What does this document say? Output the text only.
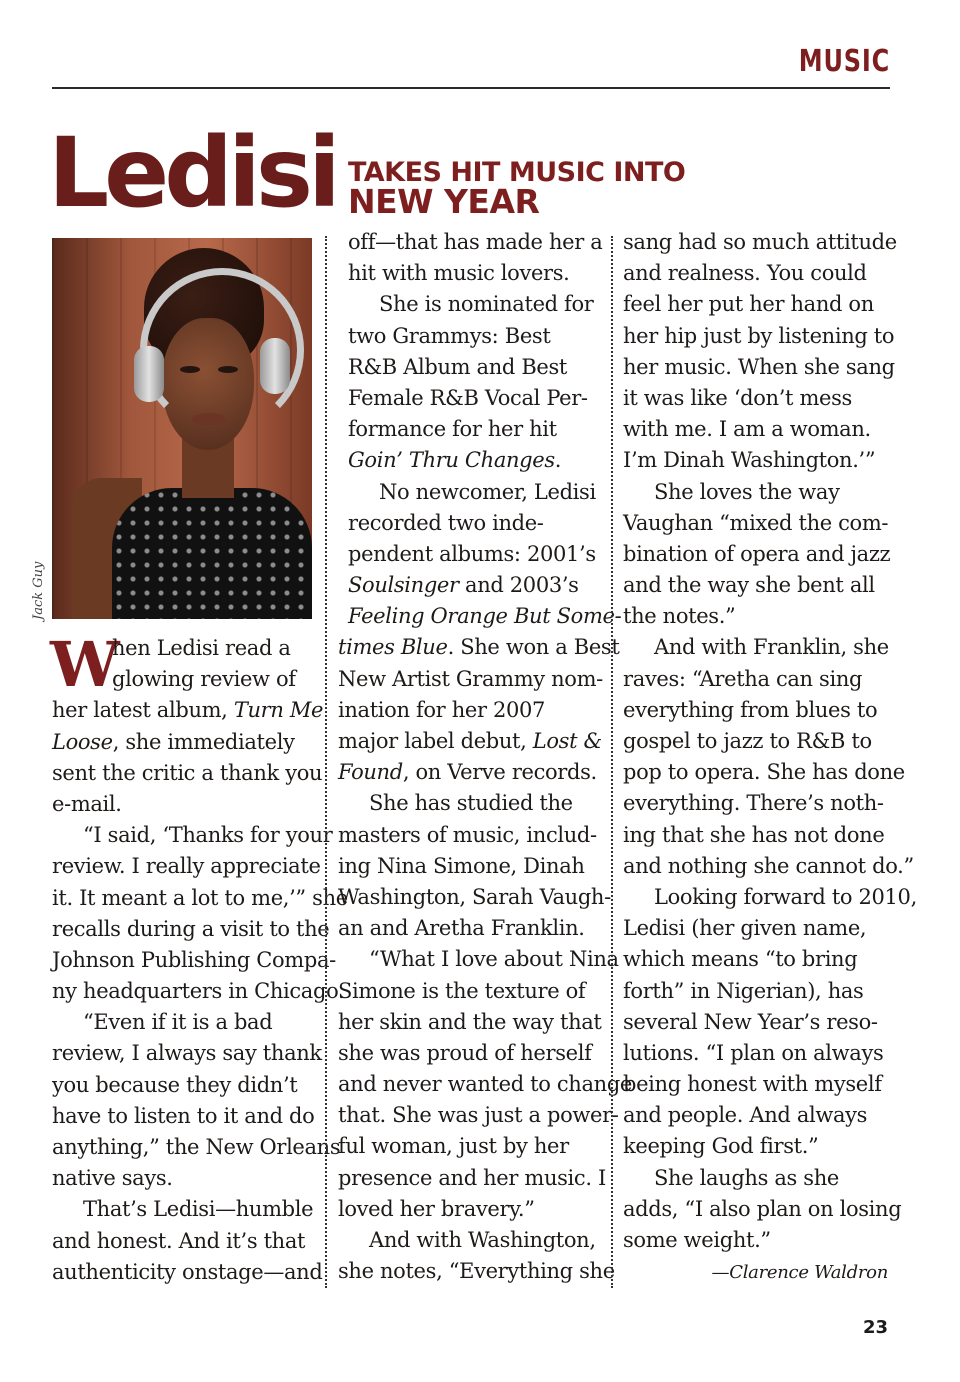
MUSIC
Ledisi TAKES HIT MUSIC INTO
NEW YEAR
Jack Guy
W
hen Ledisi read a
glowing review of
her latest album, Turn Me
Loose, she immediately
sent the critic a thank you
e-mail.
“I said, ‘Thanks for your
review. I really appreciate
it. It meant a lot to me,’” she
recalls during a visit to the
Johnson Publishing Compa-
ny headquarters in Chicago.
“Even if it is a bad
review, I always say thank
you because they didn’t
have to listen to it and do
anything,” the New Orleans
native says.
That’s Ledisi—humble
and honest. And it’s that
authenticity onstage—and
off—that has made her a
hit with music lovers.
She is nominated for
two Grammys: Best
R&B Album and Best
Female R&B Vocal Per-
formance for her hit
Goin’ Thru Changes.
No newcomer, Ledisi
recorded two inde-
pendent albums: 2001’s
Soulsinger and 2003’s
Feeling Orange But Some-
times Blue. She won a Best
New Artist Grammy nom-
ination for her 2007
major label debut, Lost &
Found, on Verve records.
She has studied the
masters of music, includ-
ing Nina Simone, Dinah
Washington, Sarah Vaugh-
an and Aretha Franklin.
“What I love about Nina
Simone is the texture of
her skin and the way that
she was proud of herself
and never wanted to change
that. She was just a power-
ful woman, just by her
presence and her music. I
loved her bravery.”
And with Washington,
she notes, “Everything she
sang had so much attitude
and realness. You could
feel her put her hand on
her hip just by listening to
her music. When she sang
it was like ‘don’t mess
with me. I am a woman.
I’m Dinah Washington.’”
She loves the way
Vaughan “mixed the com-
bination of opera and jazz
and the way she bent all
the notes.”
And with Franklin, she
raves: “Aretha can sing
everything from blues to
gospel to jazz to R&B to
pop to opera. She has done
everything. There’s noth-
ing that she has not done
and nothing she cannot do.”
Looking forward to 2010,
Ledisi (her given name,
which means “to bring
forth” in Nigerian), has
several New Year’s reso-
lutions. “I plan on always
being honest with myself
and people. And always
keeping God first.”
She laughs as she
adds, “I also plan on losing
some weight.”
—Clarence Waldron
23
